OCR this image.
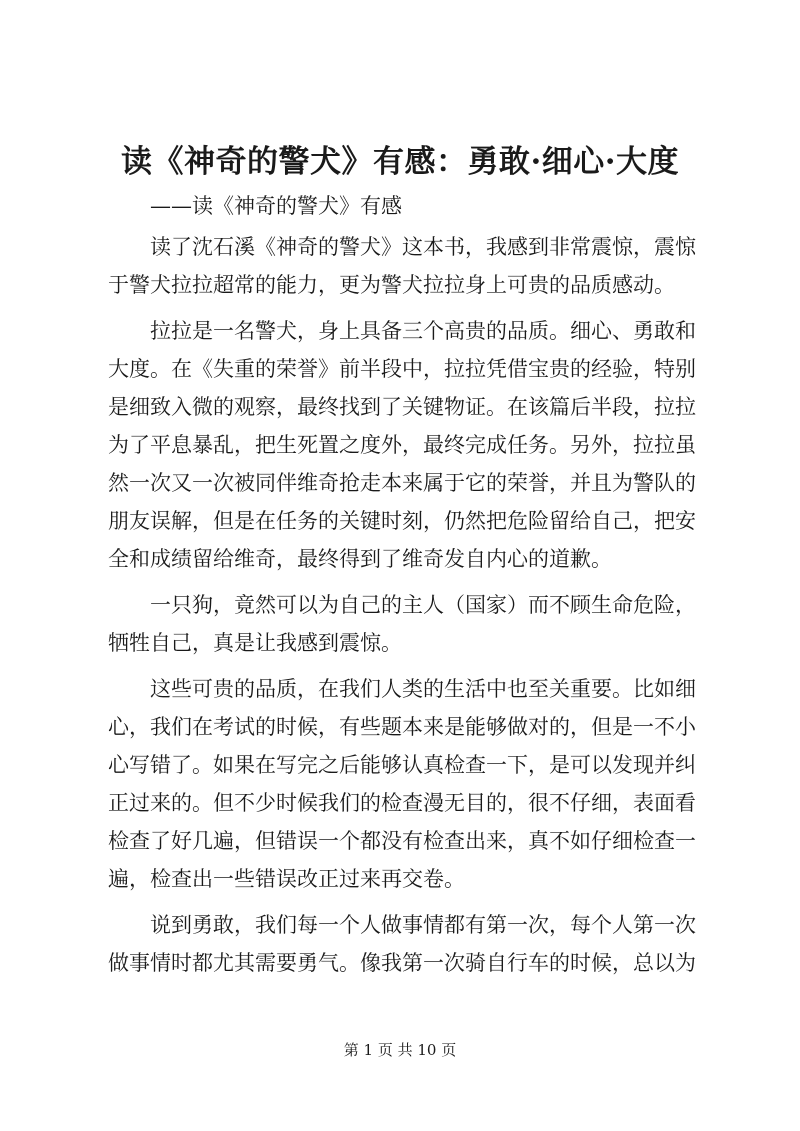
读《神奇的警犬》有感：勇敢·细心·大度
——读《神奇的警犬》有感
读了沈石溪《神奇的警犬》这本书，我感到非常震惊，震惊
于警犬拉拉超常的能力，更为警犬拉拉身上可贵的品质感动。
拉拉是一名警犬，身上具备三个高贵的品质。细心、勇敢和
大度。在《失重的荣誉》前半段中，拉拉凭借宝贵的经验，特别
是细致入微的观察，最终找到了关键物证。在该篇后半段，拉拉
为了平息暴乱，把生死置之度外，最终完成任务。另外，拉拉虽
然一次又一次被同伴维奇抢走本来属于它的荣誉，并且为警队的
朋友误解，但是在任务的关键时刻，仍然把危险留给自己，把安
全和成绩留给维奇，最终得到了维奇发自内心的道歉。
一只狗，竟然可以为自己的主人（国家）而不顾生命危险，
牺牲自己，真是让我感到震惊。
这些可贵的品质，在我们人类的生活中也至关重要。比如细
心，我们在考试的时候，有些题本来是能够做对的，但是一不小
心写错了。如果在写完之后能够认真检查一下，是可以发现并纠
正过来的。但不少时候我们的检查漫无目的，很不仔细，表面看
检查了好几遍，但错误一个都没有检查出来，真不如仔细检查一
遍，检查出一些错误改正过来再交卷。
说到勇敢，我们每一个人做事情都有第一次，每个人第一次
做事情时都尤其需要勇气。像我第一次骑自行车的时候，总以为
第 1 页 共 10 页
